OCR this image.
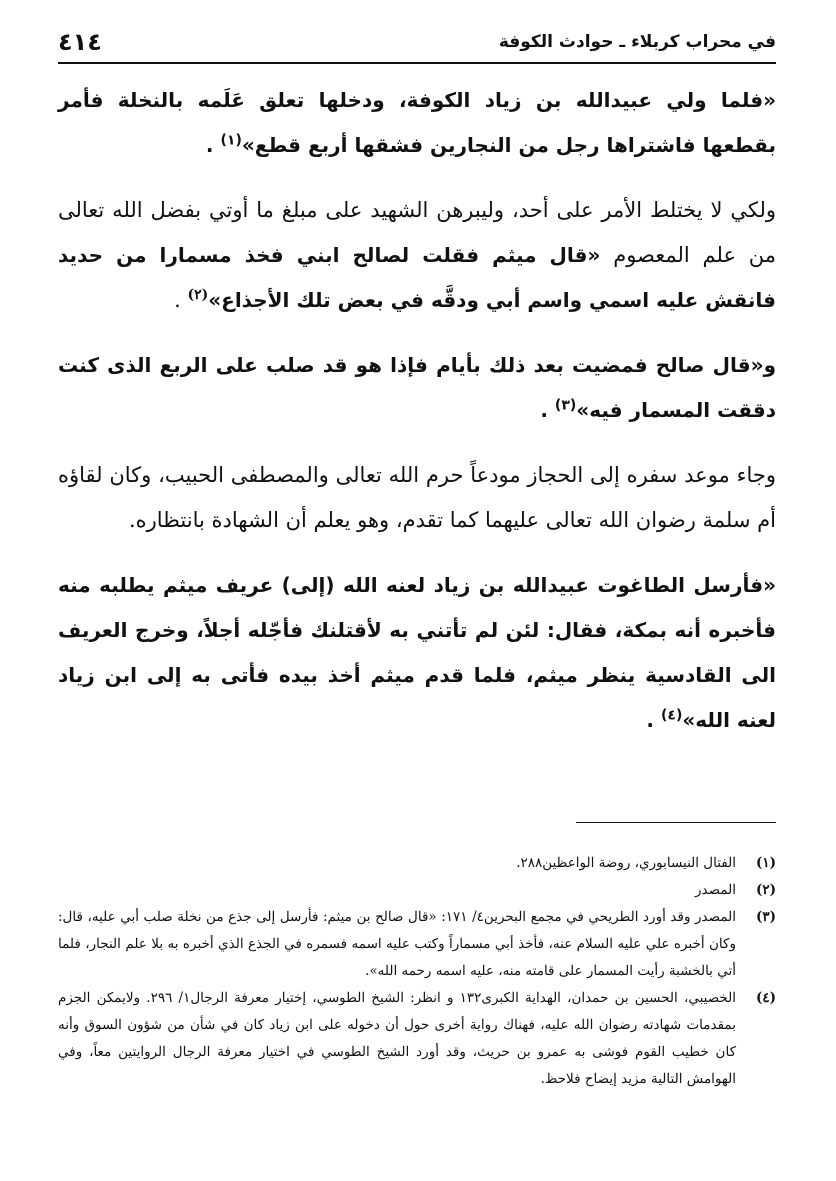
في محراب كربلاء ـ حوادث الكوفة
٤١٤

«فلما ولي عبيدالله بن زياد الكوفة، ودخلها تعلق عَلَمه بالنخلة فأمر بقطعها فاشتراها رجل من النجارين فشقها أربع قطع»$^{(١)}$ .

ولكي لا يختلط الأمر على أحد، وليبرهن الشهيد على مبلغ ما أوتي بفضل الله تعالى من علم المعصوم «قال ميثم فقلت لصالح ابني فخذ مسمارا من حديد فانقش عليه اسمي واسم أبي ودقَّه في بعض تلك الأجذاع»$^{(٢)}$ .

و«قال صالح فمضيت بعد ذلك بأيام فإذا هو قد صلب على الربع الذى كنت دققت المسمار فيه»$^{(٣)}$ .

وجاء موعد سفره إلى الحجاز مودعاً حرم الله تعالى والمصطفى الحبيب، وكان لقاؤه أم سلمة رضوان الله تعالى عليهما كما تقدم، وهو يعلم أن الشهادة بانتظاره.

«فأرسل الطاغوت عبيدالله بن زياد لعنه الله (إلى) عريف ميثم يطلبه منه فأخبره أنه بمكة، فقال: لئن لم تأتني به لأقتلنك فأجّله أجلاً، وخرج العريف الى القادسية ينظر ميثم، فلما قدم ميثم أخذ بيده فأتى به إلى ابن زياد لعنه الله»$^{(٤)}$ .

(١)
الفتال النيسابوري، روضة الواعظين٢٨٨.

(٢)
المصدر

(٣)
المصدر وقد أورد الطريحي في مجمع البحرين٤/ ١٧١: «قال صالح بن ميثم: فأرسل إلى جذع من نخلة صلب أبي عليه، قال: وكان أخبره علي عليه السلام عنه، فأخذ أبي مسماراً وكتب عليه اسمه فسمره في الجذع الذي أخبره به بلا علم النجار، فلما أتي بالخشبة رأيت المسمار على قامته منه، عليه اسمه رحمه الله».

(٤)
الخصيبي، الحسين بن حمدان، الهداية الكبرى١٣٢ و انظر: الشيخ الطوسي، إختيار معرفة الرجال١/ ٢٩٦. ولايمكن الجزم بمقدمات شهادته رضوان الله عليه، فهناك رواية أخرى حول أن دخوله على ابن زياد كان في شأن من شؤون السوق وأنه كان خطيب القوم فوشى به عمرو بن حريث، وقد أورد الشيخ الطوسي في اختيار معرفة الرجال الروايتين معاً، وفي الهوامش التالية مزيد إيضاح فلاحظ.
